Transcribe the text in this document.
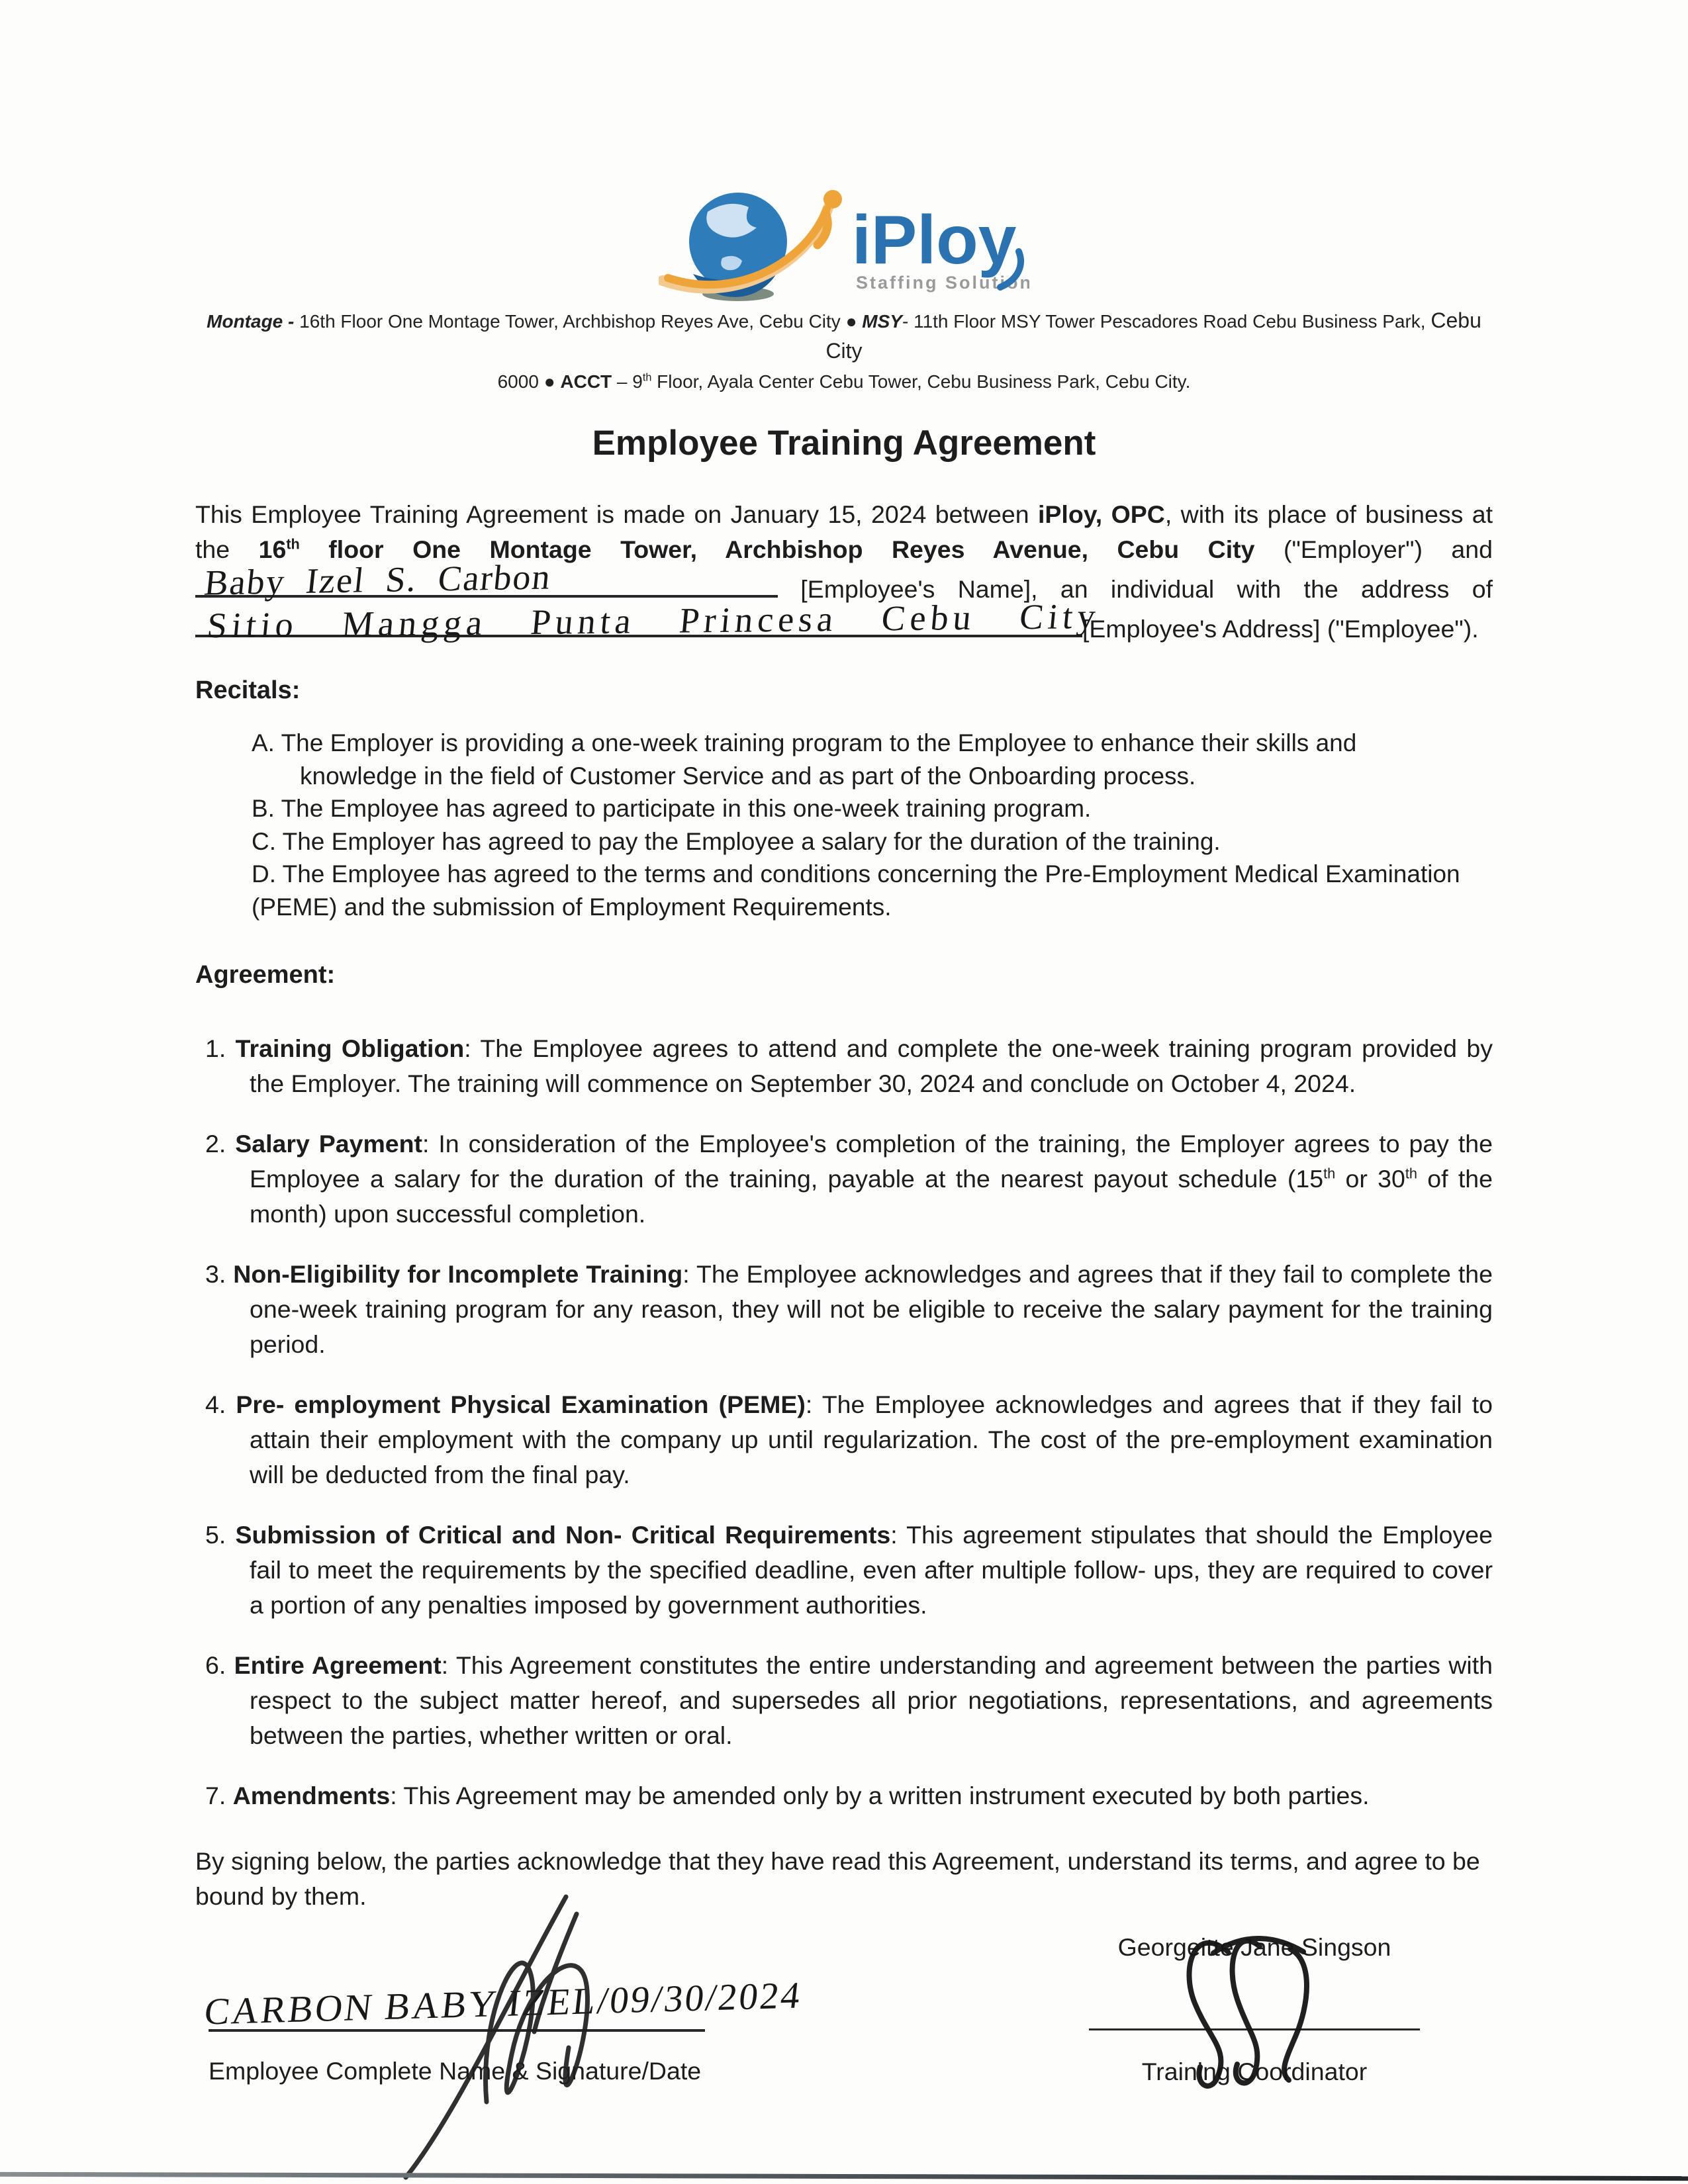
iPloy
Staffing Solutions
Montage - 16th Floor One Montage Tower, Archbishop Reyes Ave, Cebu City ● MSY- 11th Floor MSY Tower Pescadores Road Cebu Business Park, Cebu City
6000 ● ACCT – 9th Floor, Ayala Center Cebu Tower, Cebu Business Park, Cebu City.
Employee Training Agreement
This Employee Training Agreement is made on January 15, 2024 between iPloy, OPC, with its place of business at the 16th floor One Montage Tower, Archbishop Reyes Avenue, Cebu City ("Employer") and
Baby Izel S. Carbon	[Employee's Name], an individual with the address of
Sitio Mangga Punta Princesa Cebu City
[Employee's Address] ("Employee").
Recitals:
A. The Employer is providing a one-week training program to the Employee to enhance their skills and
knowledge in the field of Customer Service and as part of the Onboarding process.
B. The Employee has agreed to participate in this one-week training program.
C. The Employer has agreed to pay the Employee a salary for the duration of the training.
D. The Employee has agreed to the terms and conditions concerning the Pre-Employment Medical Examination
(PEME) and the submission of Employment Requirements.
Agreement:
1. Training Obligation: The Employee agrees to attend and complete the one-week training program provided by the Employer. The training will commence on September 30, 2024 and conclude on October 4, 2024.
2. Salary Payment: In consideration of the Employee's completion of the training, the Employer agrees to pay the Employee a salary for the duration of the training, payable at the nearest payout schedule (15th or 30th of the month) upon successful completion.
3. Non-Eligibility for Incomplete Training: The Employee acknowledges and agrees that if they fail to complete the one-week training program for any reason, they will not be eligible to receive the salary payment for the training period.
4. Pre- employment Physical Examination (PEME): The Employee acknowledges and agrees that if they fail to attain their employment with the company up until regularization. The cost of the pre-employment examination will be deducted from the final pay.
5. Submission of Critical and Non- Critical Requirements: This agreement stipulates that should the Employee fail to meet the requirements by the specified deadline, even after multiple follow- ups, they are required to cover a portion of any penalties imposed by government authorities.
6. Entire Agreement: This Agreement constitutes the entire understanding and agreement between the parties with respect to the subject matter hereof, and supersedes all prior negotiations, representations, and agreements between the parties, whether written or oral.
7. Amendments: This Agreement may be amended only by a written instrument executed by both parties.
By signing below, the parties acknowledge that they have read this Agreement, understand its terms, and agree to be bound by them.
CARBON BABY IZEL/09/30/2024
Employee Complete Name & Signature/Date
Georgeitte Jane Singson
Training Coordinator
